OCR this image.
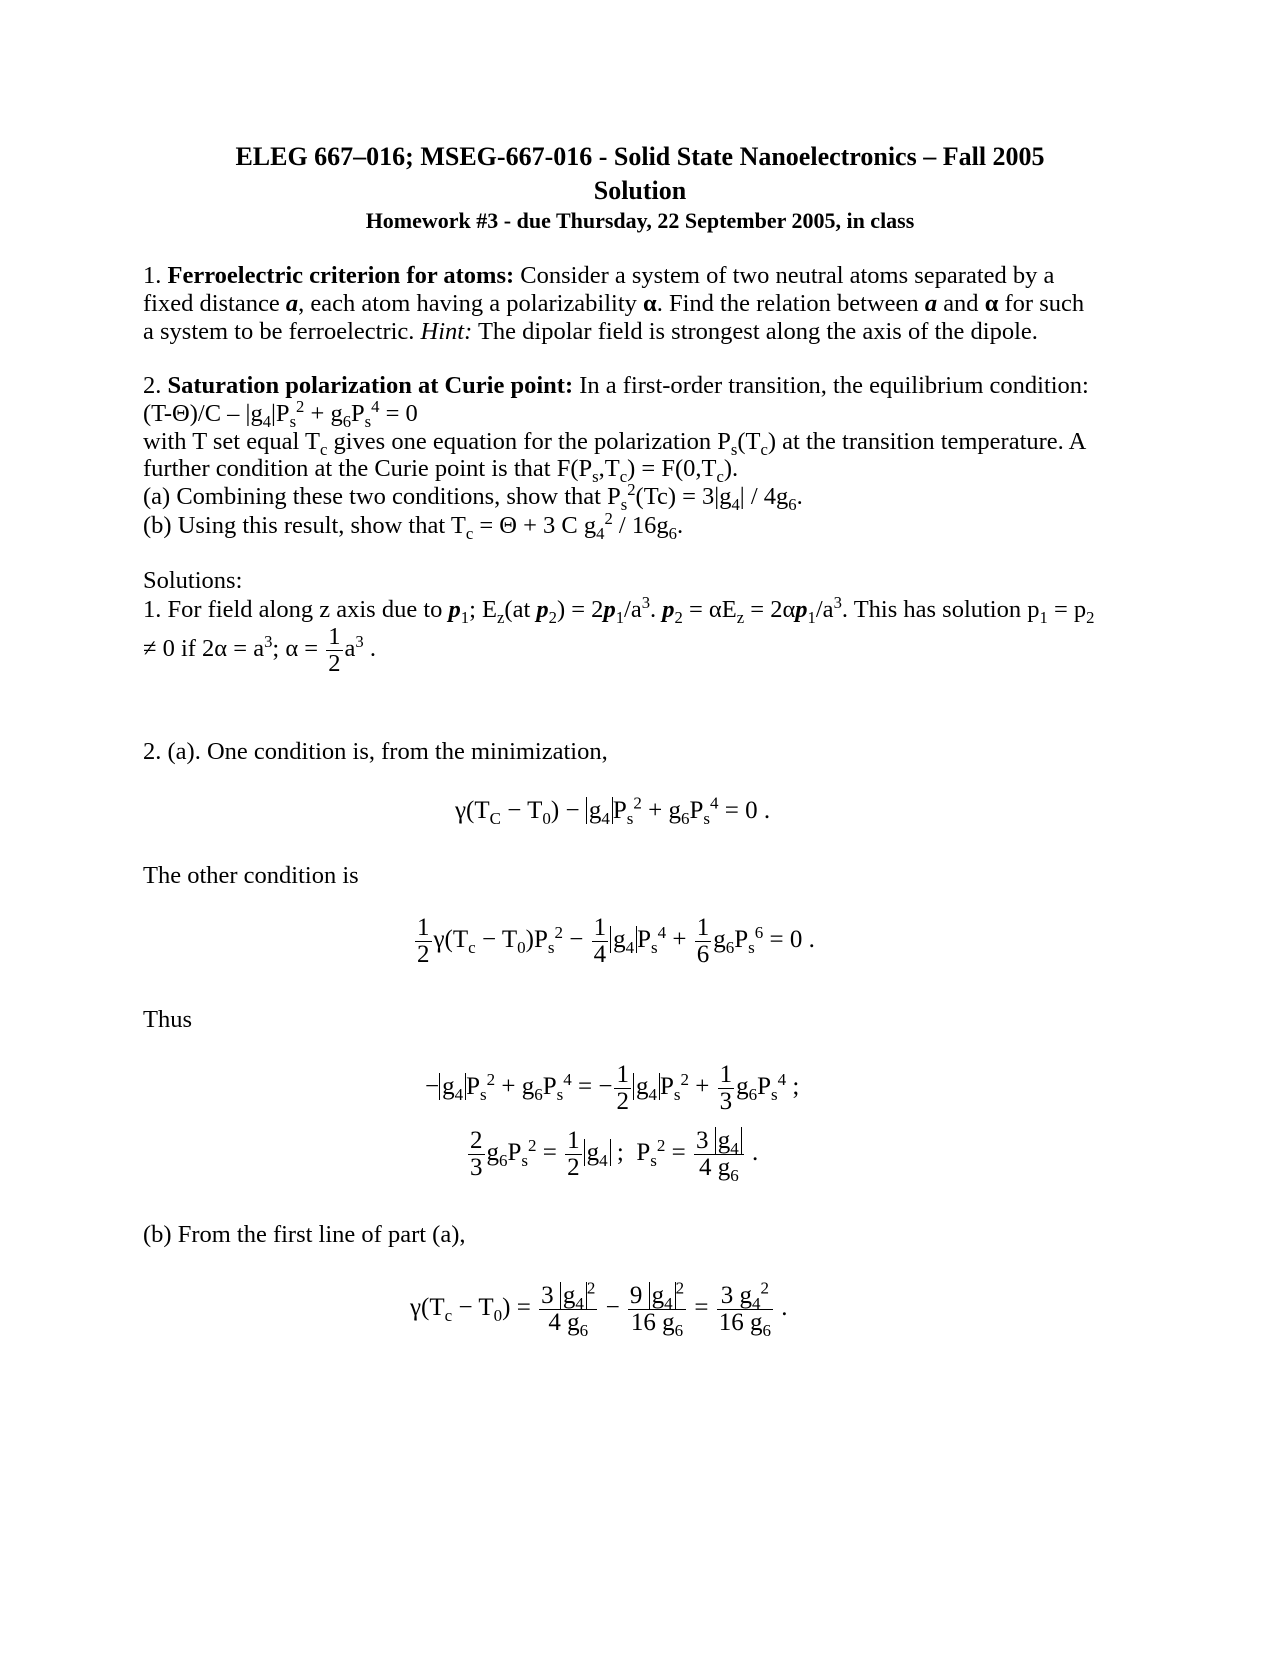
ELEG 667–016; MSEG-667-016 - Solid State Nanoelectronics – Fall 2005
Solution
Homework #3 - due Thursday, 22 September 2005, in class
1. Ferroelectric criterion for atoms: Consider a system of two neutral atoms separated by a
fixed distance a, each atom having a polarizability α. Find the relation between a and α for such
a system to be ferroelectric. Hint: The dipolar field is strongest along the axis of the dipole.
2. Saturation polarization at Curie point: In a first-order transition, the equilibrium condition:
$(T-\Theta)/C - |g_4|P_s^2 + g_6P_s^4 = 0$
with T set equal $T_c$ gives one equation for the polarization $P_s(T_c)$ at the transition temperature. A
further condition at the Curie point is that $F(P_s,T_c) = F(0,T_c)$.
(a) Combining these two conditions, show that $P_s^2(Tc) = 3|g_4| / 4g_6$.
(b) Using this result, show that $T_c = \Theta + 3$ C $g_4^2 / 16g_6$.
Solutions:
1. For field along z axis due to $p_1$; $E_z(at$ $p_2) = 2p_1/a^3$. $p_2 = \alpha E_z = 2\alpha p_1/a^3$. This has solution $p_1 = p_2$
≠ 0 if $2\alpha = a^3$; $\alpha = \frac{1}{2} a^3$ .
2. (a). One condition is, from the minimization,
$\gamma(T_C - T_0) - g_4$ $P_s^2 + g_6P_s^4 = 0$ .
The other condition is
$\frac{1}{2} \gamma(T_c - T_0)P_s^2 - \frac{1}{4} g_4$ $P_s^4 + \frac{1}{6} g_6P_s^6 = 0$ .
Thus
− $g_4$ $P_s^2 + g_6P_s^4$ = − $\frac{1}{2} g_4$ $P_s^2 + \frac{1}{3} g_6P_s^4$ ;
$\frac{2}{3} g_6P_s^2 = \frac{1}{2} g_4$ ;  $P_s^2 = \frac{3 g_4}{4 g_6}$ .
(b) From the first line of part (a),
$\gamma(T_c - T_0) = \frac{3 g_4^2}{4 g_6} - \frac{9 g_4^2}{16 g_6} = \frac{3 g_4^2}{16 g_6}$ .
